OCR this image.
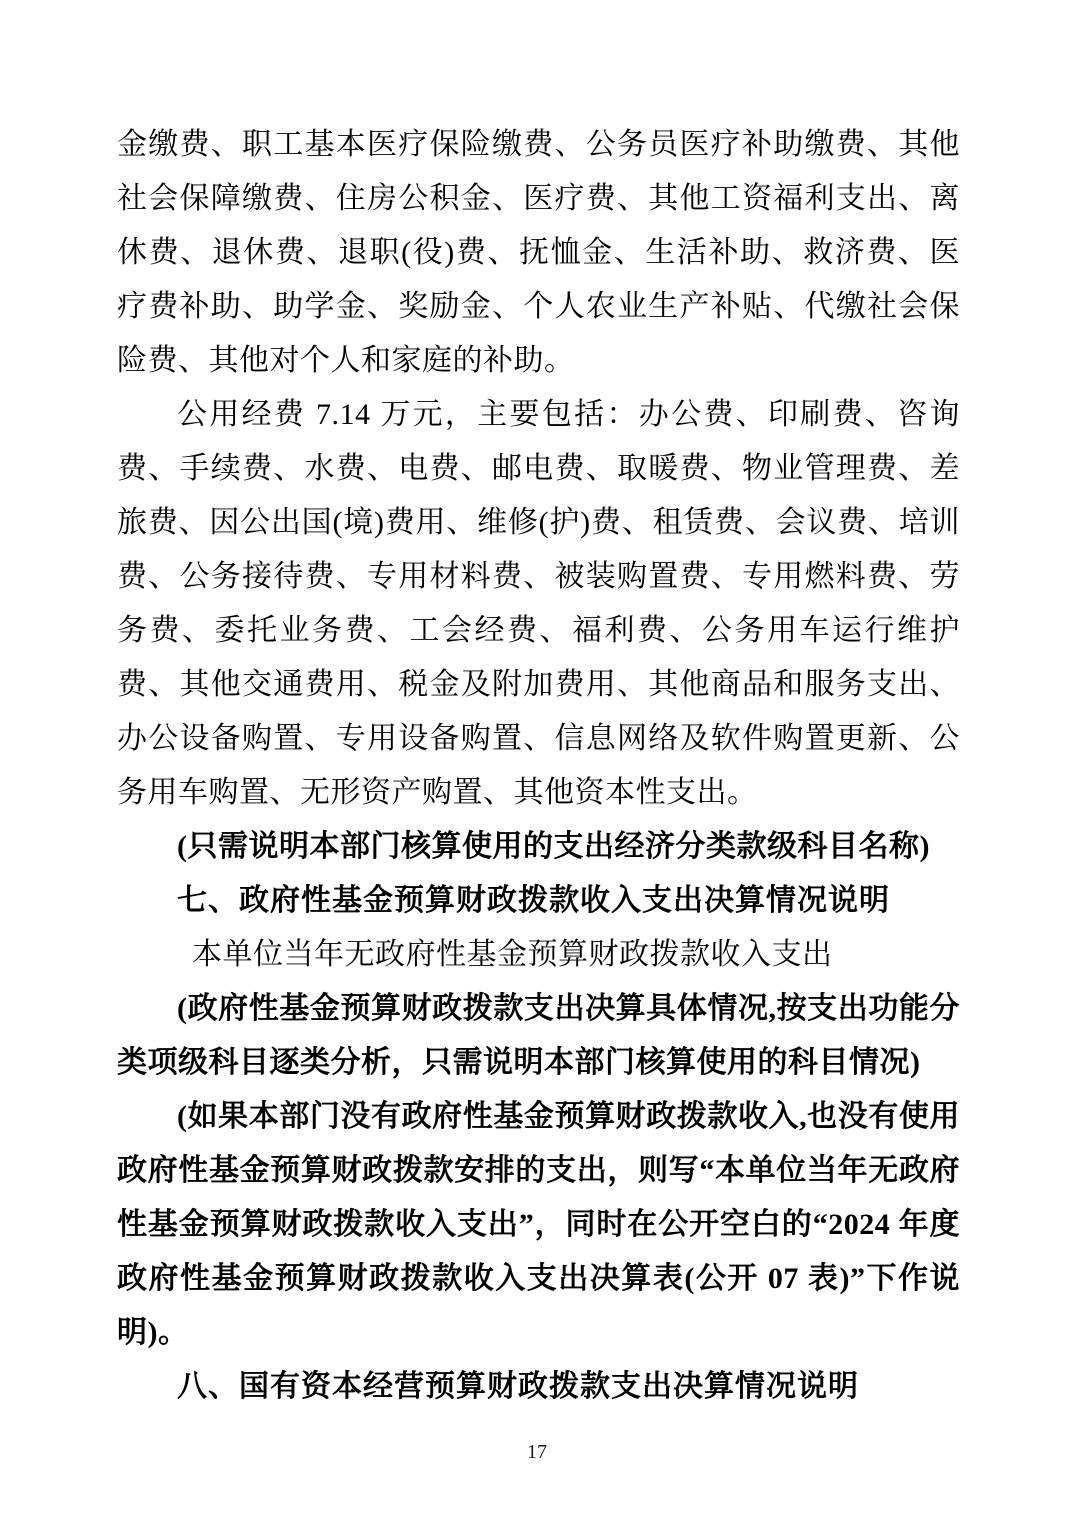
金缴费、职工基本医疗保险缴费、公务员医疗补助缴费、其他社会保障缴费、住房公积金、医疗费、其他工资福利支出、离休费、退休费、退职(役)费、抚恤金、生活补助、救济费、医疗费补助、助学金、奖励金、个人农业生产补贴、代缴社会保险费、其他对个人和家庭的补助。

公用经费 7.14 万元，主要包括：办公费、印刷费、咨询费、手续费、水费、电费、邮电费、取暖费、物业管理费、差旅费、因公出国(境)费用、维修(护)费、租赁费、会议费、培训费、公务接待费、专用材料费、被装购置费、专用燃料费、劳务费、委托业务费、工会经费、福利费、公务用车运行维护费、其他交通费用、税金及附加费用、其他商品和服务支出、办公设备购置、专用设备购置、信息网络及软件购置更新、公务用车购置、无形资产购置、其他资本性支出。

(只需说明本部门核算使用的支出经济分类款级科目名称)

七、政府性基金预算财政拨款收入支出决算情况说明

本单位当年无政府性基金预算财政拨款收入支出

(政府性基金预算财政拨款支出决算具体情况,按支出功能分类项级科目逐类分析，只需说明本部门核算使用的科目情况)

(如果本部门没有政府性基金预算财政拨款收入,也没有使用政府性基金预算财政拨款安排的支出，则写“本单位当年无政府性基金预算财政拨款收入支出”，同时在公开空白的“2024 年度政府性基金预算财政拨款收入支出决算表(公开 07 表)”下作说明)。

八、国有资本经营预算财政拨款支出决算情况说明

17
